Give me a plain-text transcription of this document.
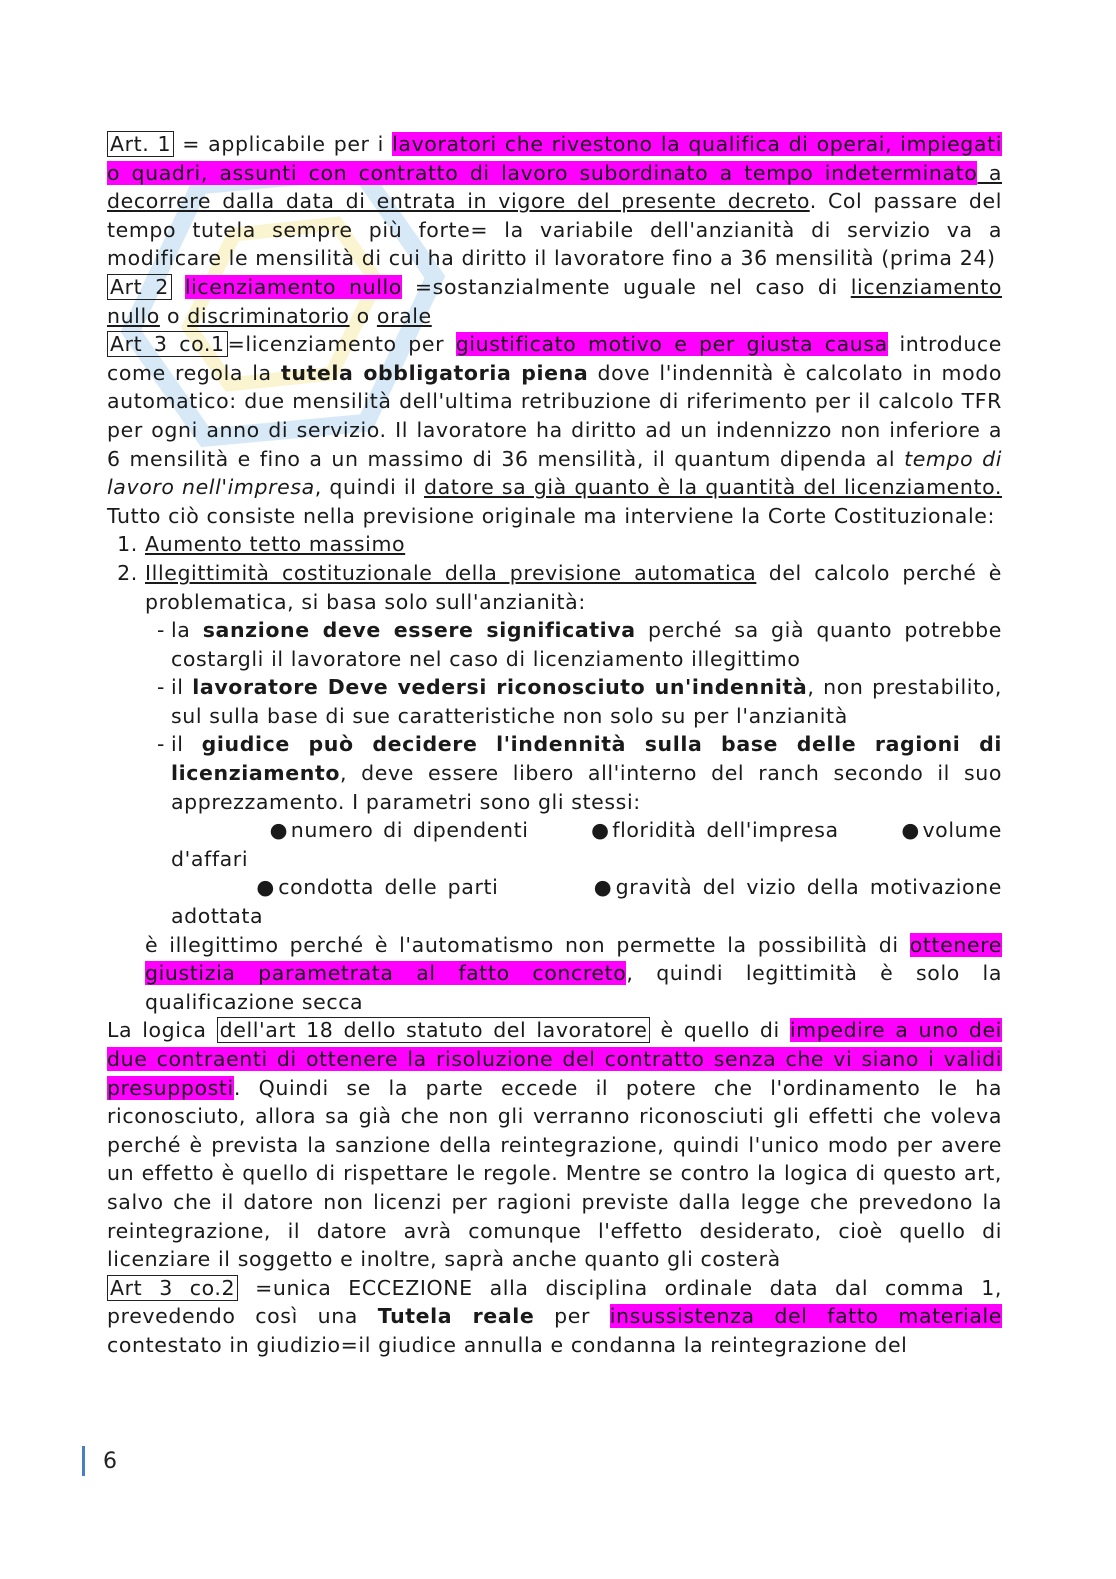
Art. 1 = applicabile per i lavoratori che rivestono la qualifica di operai, impiegati o quadri, assunti con contratto di lavoro subordinato a tempo indeterminato a decorrere dalla data di entrata in vigore del presente decreto. Col passare del tempo tutela sempre più forte= la variabile dell'anzianità di servizio va a modificare le mensilità di cui ha diritto il lavoratore fino a 36 mensilità (prima 24)

Art 2 licenziamento nullo =sostanzialmente uguale nel caso di licenziamento nullo o discriminatorio o orale

Art 3 co.1 =licenziamento per giustificato motivo e per giusta causa introduce come regola la tutela obbligatoria piena dove l'indennità è calcolato in modo automatico: due mensilità dell'ultima retribuzione di riferimento per il calcolo TFR per ogni anno di servizio. Il lavoratore ha diritto ad un indennizzo non inferiore a 6 mensilità e fino a un massimo di 36 mensilità, il quantum dipenda al tempo di lavoro nell'impresa, quindi il datore sa già quanto è la quantità del licenziamento. Tutto ciò consiste nella previsione originale ma interviene la Corte Costituzionale:

1. Aumento tetto massimo
2. Illegittimità costituzionale della previsione automatica del calcolo perché è problematica, si basa solo sull'anzianità:
- la sanzione deve essere significativa perché sa già quanto potrebbe costargli il lavoratore nel caso di licenziamento illegittimo
- il lavoratore Deve vedersi riconosciuto un'indennità, non prestabilito, sul sulla base di sue caratteristiche non solo su per l'anzianità
- il giudice può decidere l'indennità sulla base delle ragioni di licenziamento, deve essere libero all'interno del ranch secondo il suo apprezzamento. I parametri sono gli stessi:
●numero di dipendenti	●floridità dell'impresa	●volume d'affari
●condotta delle parti	●gravità del vizio della motivazione adottata

è illegittimo perché è l'automatismo non permette la possibilità di ottenere giustizia parametrata al fatto concreto, quindi legittimità è solo la qualificazione secca

La logica dell'art 18 dello statuto del lavoratore è quello di impedire a uno dei due contraenti di ottenere la risoluzione del contratto senza che vi siano i validi presupposti. Quindi se la parte eccede il potere che l'ordinamento le ha riconosciuto, allora sa già che non gli verranno riconosciuti gli effetti che voleva perché è prevista la sanzione della reintegrazione, quindi l'unico modo per avere un effetto è quello di rispettare le regole. Mentre se contro la logica di questo art, salvo che il datore non licenzi per ragioni previste dalla legge che prevedono la reintegrazione, il datore avrà comunque l'effetto desiderato, cioè quello di licenziare il soggetto e inoltre, saprà anche quanto gli costerà

Art 3 co.2 =unica ECCEZIONE alla disciplina ordinale data dal comma 1, prevedendo così una Tutela reale per insussistenza del fatto materiale contestato in giudizio=il giudice annulla e condanna la reintegrazione del

6
